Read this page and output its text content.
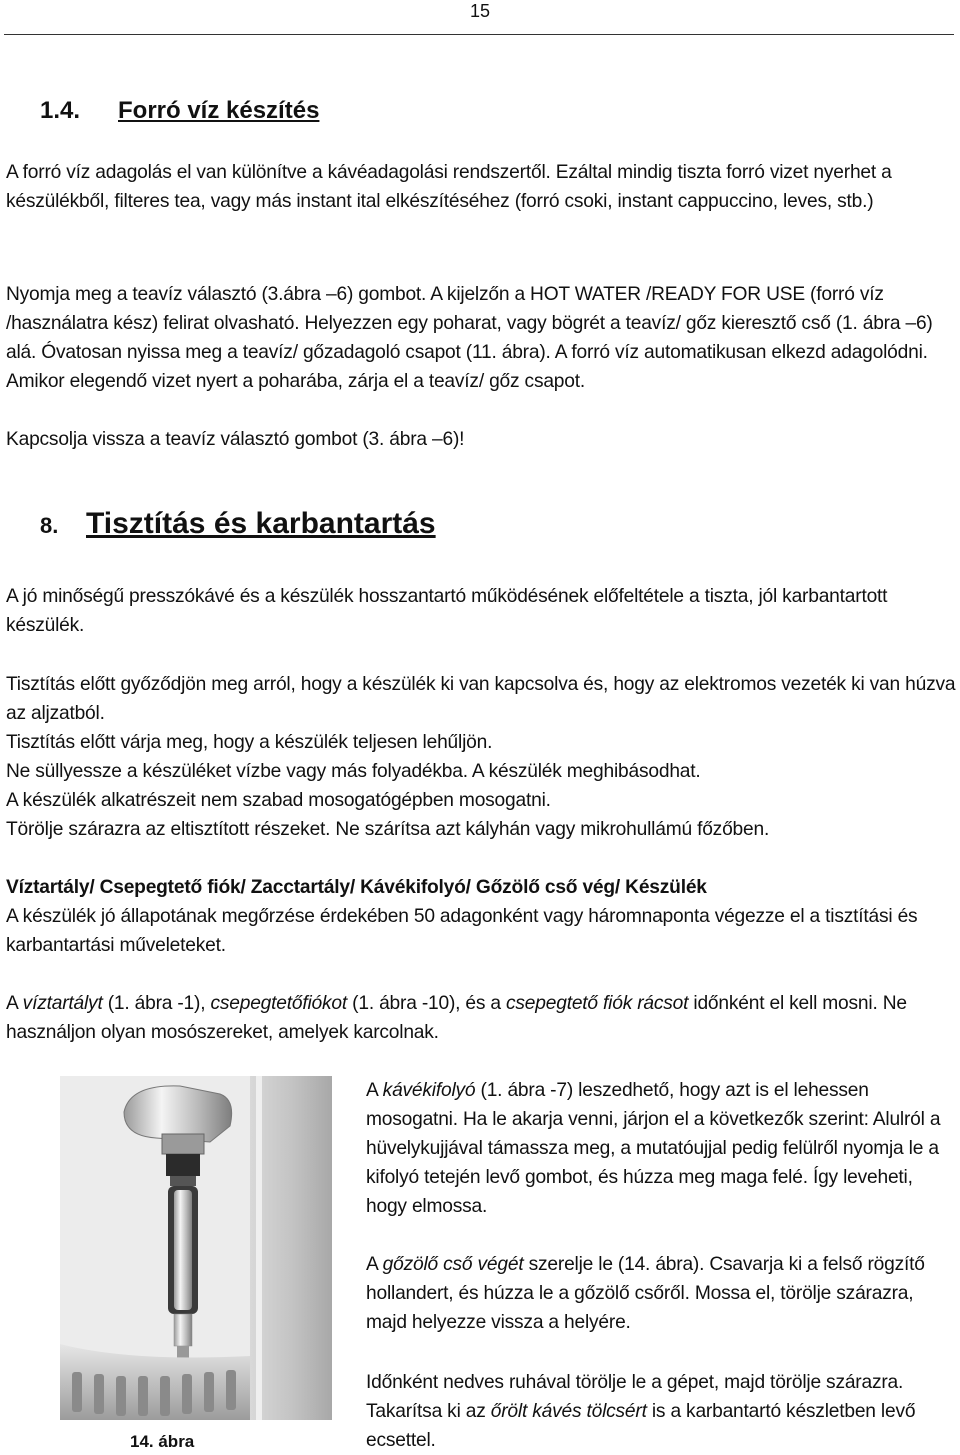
15
1.4. Forró víz készítés
A forró víz adagolás el van különítve a kávéadagolási rendszertől. Ezáltal mindig tiszta forró vizet nyerhet a készülékből, filteres tea, vagy más instant ital elkészítéséhez (forró csoki, instant cappuccino, leves, stb.)
Nyomja meg a teavíz választó (3.ábra –6) gombot. A kijelzőn a HOT WATER /READY FOR USE (forró víz /használatra kész) felirat olvasható. Helyezzen egy poharat, vagy bögrét a teavíz/ gőz kieresztő cső (1. ábra –6) alá. Óvatosan nyissa meg a teavíz/ gőzadagoló csapot (11. ábra). A forró víz automatikusan elkezd adagolódni. Amikor elegendő vizet nyert a poharába, zárja el a teavíz/ gőz csapot.
Kapcsolja vissza a teavíz választó gombot (3. ábra –6)!
8. Tisztítás és karbantartás
A jó minőségű presszókávé és a készülék hosszantartó működésének előfeltétele a tiszta, jól karbantartott készülék.
Tisztítás előtt győződjön meg arról, hogy a készülék ki van kapcsolva és, hogy az elektromos vezeték ki van húzva az aljzatból.
Tisztítás előtt várja meg, hogy a készülék teljesen lehűljön.
Ne süllyessze a készüléket vízbe vagy más folyadékba. A készülék meghibásodhat.
A készülék alkatrészeit nem szabad mosogatógépben mosogatni.
Törölje szárazra az eltisztított részeket. Ne szárítsa azt kályhán vagy mikrohullámú főzőben.
Víztartály/ Csepegtető fiók/ Zacctartály/ Kávékifolyó/ Gőzölő cső vég/ Készülék
A készülék jó állapotának megőrzése érdekében 50 adagonként vagy háromnaponta végezze el a tisztítási és karbantartási műveleteket.
A víztartályt (1. ábra -1), csepegtetőfiókot (1. ábra -10), és a csepegtető fiók rácsot időnként el kell mosni. Ne használjon olyan mosószereket, amelyek karcolnak.
14. ábra
A kávékifolyó (1. ábra -7) leszedhető, hogy azt is el lehessen mosogatni. Ha le akarja venni, járjon el a következők szerint: Alulról a hüvelykujjával támassza meg, a mutatóujjal pedig felülről nyomja le a kifolyó tetején levő gombot, és húzza meg maga felé. Így leveheti, hogy elmossa.
A gőzölő cső végét szerelje le (14. ábra). Csavarja ki a felső rögzítő hollandert, és húzza le a gőzölő csőről. Mossa el, törölje szárazra, majd helyezze vissza a helyére.
Időnként nedves ruhával törölje le a gépet, majd törölje szárazra. Takarítsa ki az őrölt kávés tölcsért is a karbantartó készletben levő ecsettel.
